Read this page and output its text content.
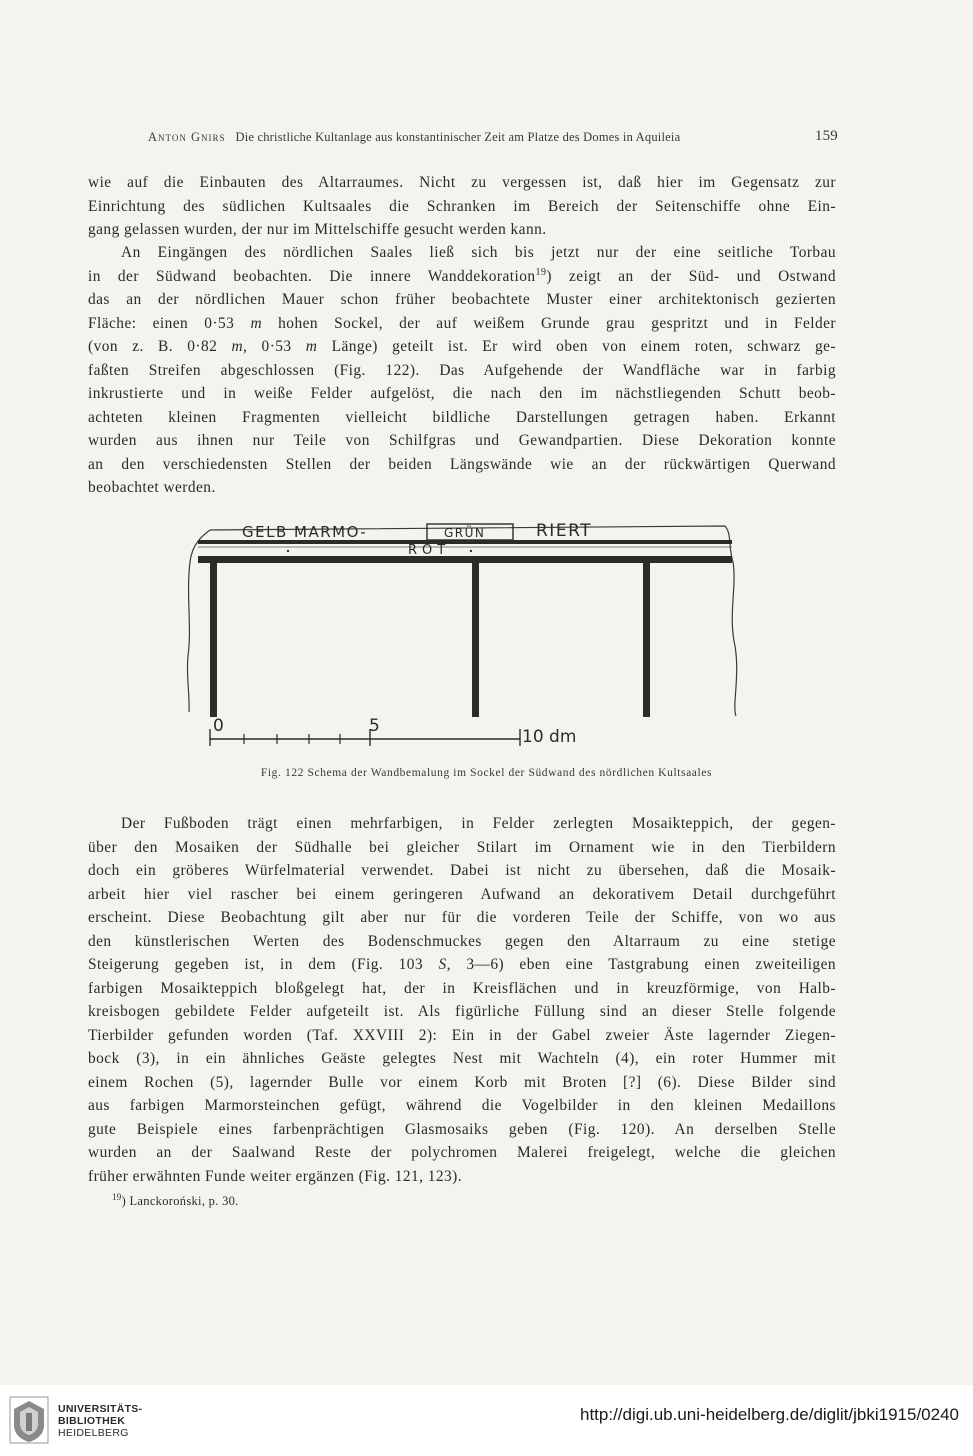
Anton Gnirs Die christliche Kultanlage aus konstantinischer Zeit am Platze des Domes in Aquileia	159
wie auf die Einbauten des Altarraumes. Nicht zu vergessen ist, daß hier im Gegensatz zur
Einrichtung des südlichen Kultsaales die Schranken im Bereich der Seitenschiffe ohne Ein-
gang gelassen wurden, der nur im Mittelschiffe gesucht werden kann.
An Eingängen des nördlichen Saales ließ sich bis jetzt nur der eine seitliche Torbau
in der Südwand beobachten. Die innere Wanddekoration$^{19}$) zeigt an der Süd- und Ostwand
das an der nördlichen Mauer schon früher beobachtete Muster einer architektonisch gezierten
Fläche: einen 0·53 m hohen Sockel, der auf weißem Grunde grau gespritzt und in Felder
(von z. B. 0·82 m, 0·53 m Länge) geteilt ist. Er wird oben von einem roten, schwarz ge-
faßten Streifen abgeschlossen (Fig. 122). Das Aufgehende der Wandfläche war in farbig
inkrustierte und in weiße Felder aufgelöst, die nach den im nächstliegenden Schutt beob-
achteten kleinen Fragmenten vielleicht bildliche Darstellungen getragen haben. Erkannt
wurden aus ihnen nur Teile von Schilfgras und Gewandpartien. Diese Dekoration konnte
an den verschiedensten Stellen der beiden Längswände wie an der rückwärtigen Querwand
beobachtet werden.
GELB MARMO-	GRÜN	RIERT
ROT
0	5
10 dm
Fig. 122 Schema der Wandbemalung im Sockel der Südwand des nördlichen Kultsaales
Der Fußboden trägt einen mehrfarbigen, in Felder zerlegten Mosaikteppich, der gegen-
über den Mosaiken der Südhalle bei gleicher Stilart im Ornament wie in den Tierbildern
doch ein gröberes Würfelmaterial verwendet. Dabei ist nicht zu übersehen, daß die Mosaik-
arbeit hier viel rascher bei einem geringeren Aufwand an dekorativem Detail durchgeführt
erscheint. Diese Beobachtung gilt aber nur für die vorderen Teile der Schiffe, von wo aus
den künstlerischen Werten des Bodenschmuckes gegen den Altarraum zu eine stetige
Steigerung gegeben ist, in dem (Fig. 103 S, 3—6) eben eine Tastgrabung einen zweiteiligen
farbigen Mosaikteppich bloßgelegt hat, der in Kreisflächen und in kreuzförmige, von Halb-
kreisbogen gebildete Felder aufgeteilt ist. Als figürliche Füllung sind an dieser Stelle folgende
Tierbilder gefunden worden (Taf. XXVIII 2): Ein in der Gabel zweier Äste lagernder Ziegen-
bock (3), in ein ähnliches Geäste gelegtes Nest mit Wachteln (4), ein roter Hummer mit
einem Rochen (5), lagernder Bulle vor einem Korb mit Broten [?] (6). Diese Bilder sind
aus farbigen Marmorsteinchen gefügt, während die Vogelbilder in den kleinen Medaillons
gute Beispiele eines farbenprächtigen Glasmosaiks geben (Fig. 120). An derselben Stelle
wurden an der Saalwand Reste der polychromen Malerei freigelegt, welche die gleichen
früher erwähnten Funde weiter ergänzen (Fig. 121, 123).
$^{19}$) Lanckoroński, p. 30.
UNIVERSITÄTS-
BIBLIOTHEK
HEIDELBERG
http://digi.ub.uni-heidelberg.de/diglit/jbki1915/0240
